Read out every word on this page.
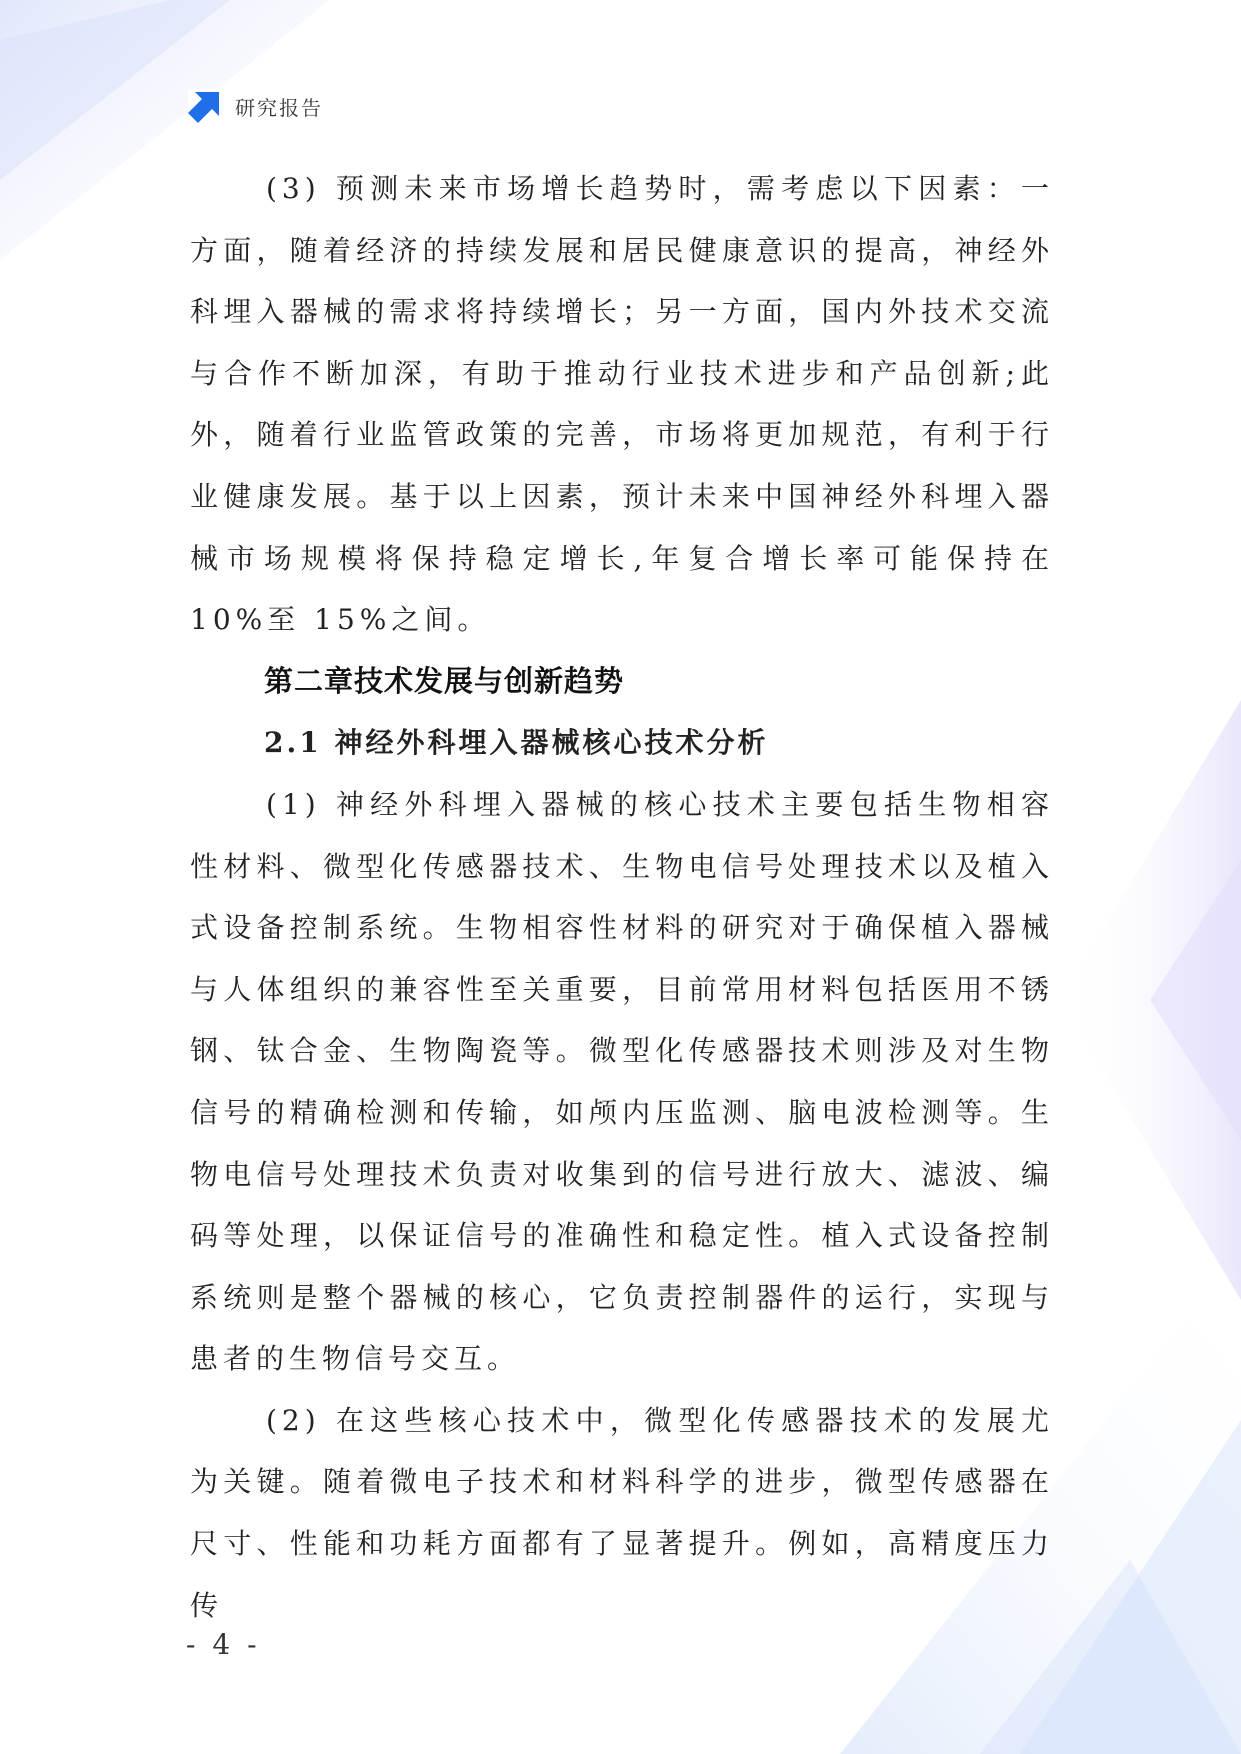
研究报告

(3) 预测未来市场增长趋势时，需考虑以下因素：一方面，随着经济的持续发展和居民健康意识的提高，神经外科埋入器械的需求将持续增长；另一方面，国内外技术交流与合作不断加深，有助于推动行业技术进步和产品创新;此外，随着行业监管政策的完善，市场将更加规范，有利于行业健康发展。基于以上因素，预计未来中国神经外科埋入器械市场规模将保持稳定增长,年复合增长率可能保持在 10%至 15%之间。

第二章技术发展与创新趋势
2.1 神经外科埋入器械核心技术分析

(1) 神经外科埋入器械的核心技术主要包括生物相容性材料、微型化传感器技术、生物电信号处理技术以及植入式设备控制系统。生物相容性材料的研究对于确保植入器械与人体组织的兼容性至关重要，目前常用材料包括医用不锈钢、钛合金、生物陶瓷等。微型化传感器技术则涉及对生物信号的精确检测和传输，如颅内压监测、脑电波检测等。生物电信号处理技术负责对收集到的信号进行放大、滤波、编码等处理，以保证信号的准确性和稳定性。植入式设备控制系统则是整个器械的核心，它负责控制器件的运行，实现与患者的生物信号交互。

(2) 在这些核心技术中，微型化传感器技术的发展尤为关键。随着微电子技术和材料科学的进步，微型传感器在尺寸、性能和功耗方面都有了显著提升。例如，高精度压力传

- 4 -
